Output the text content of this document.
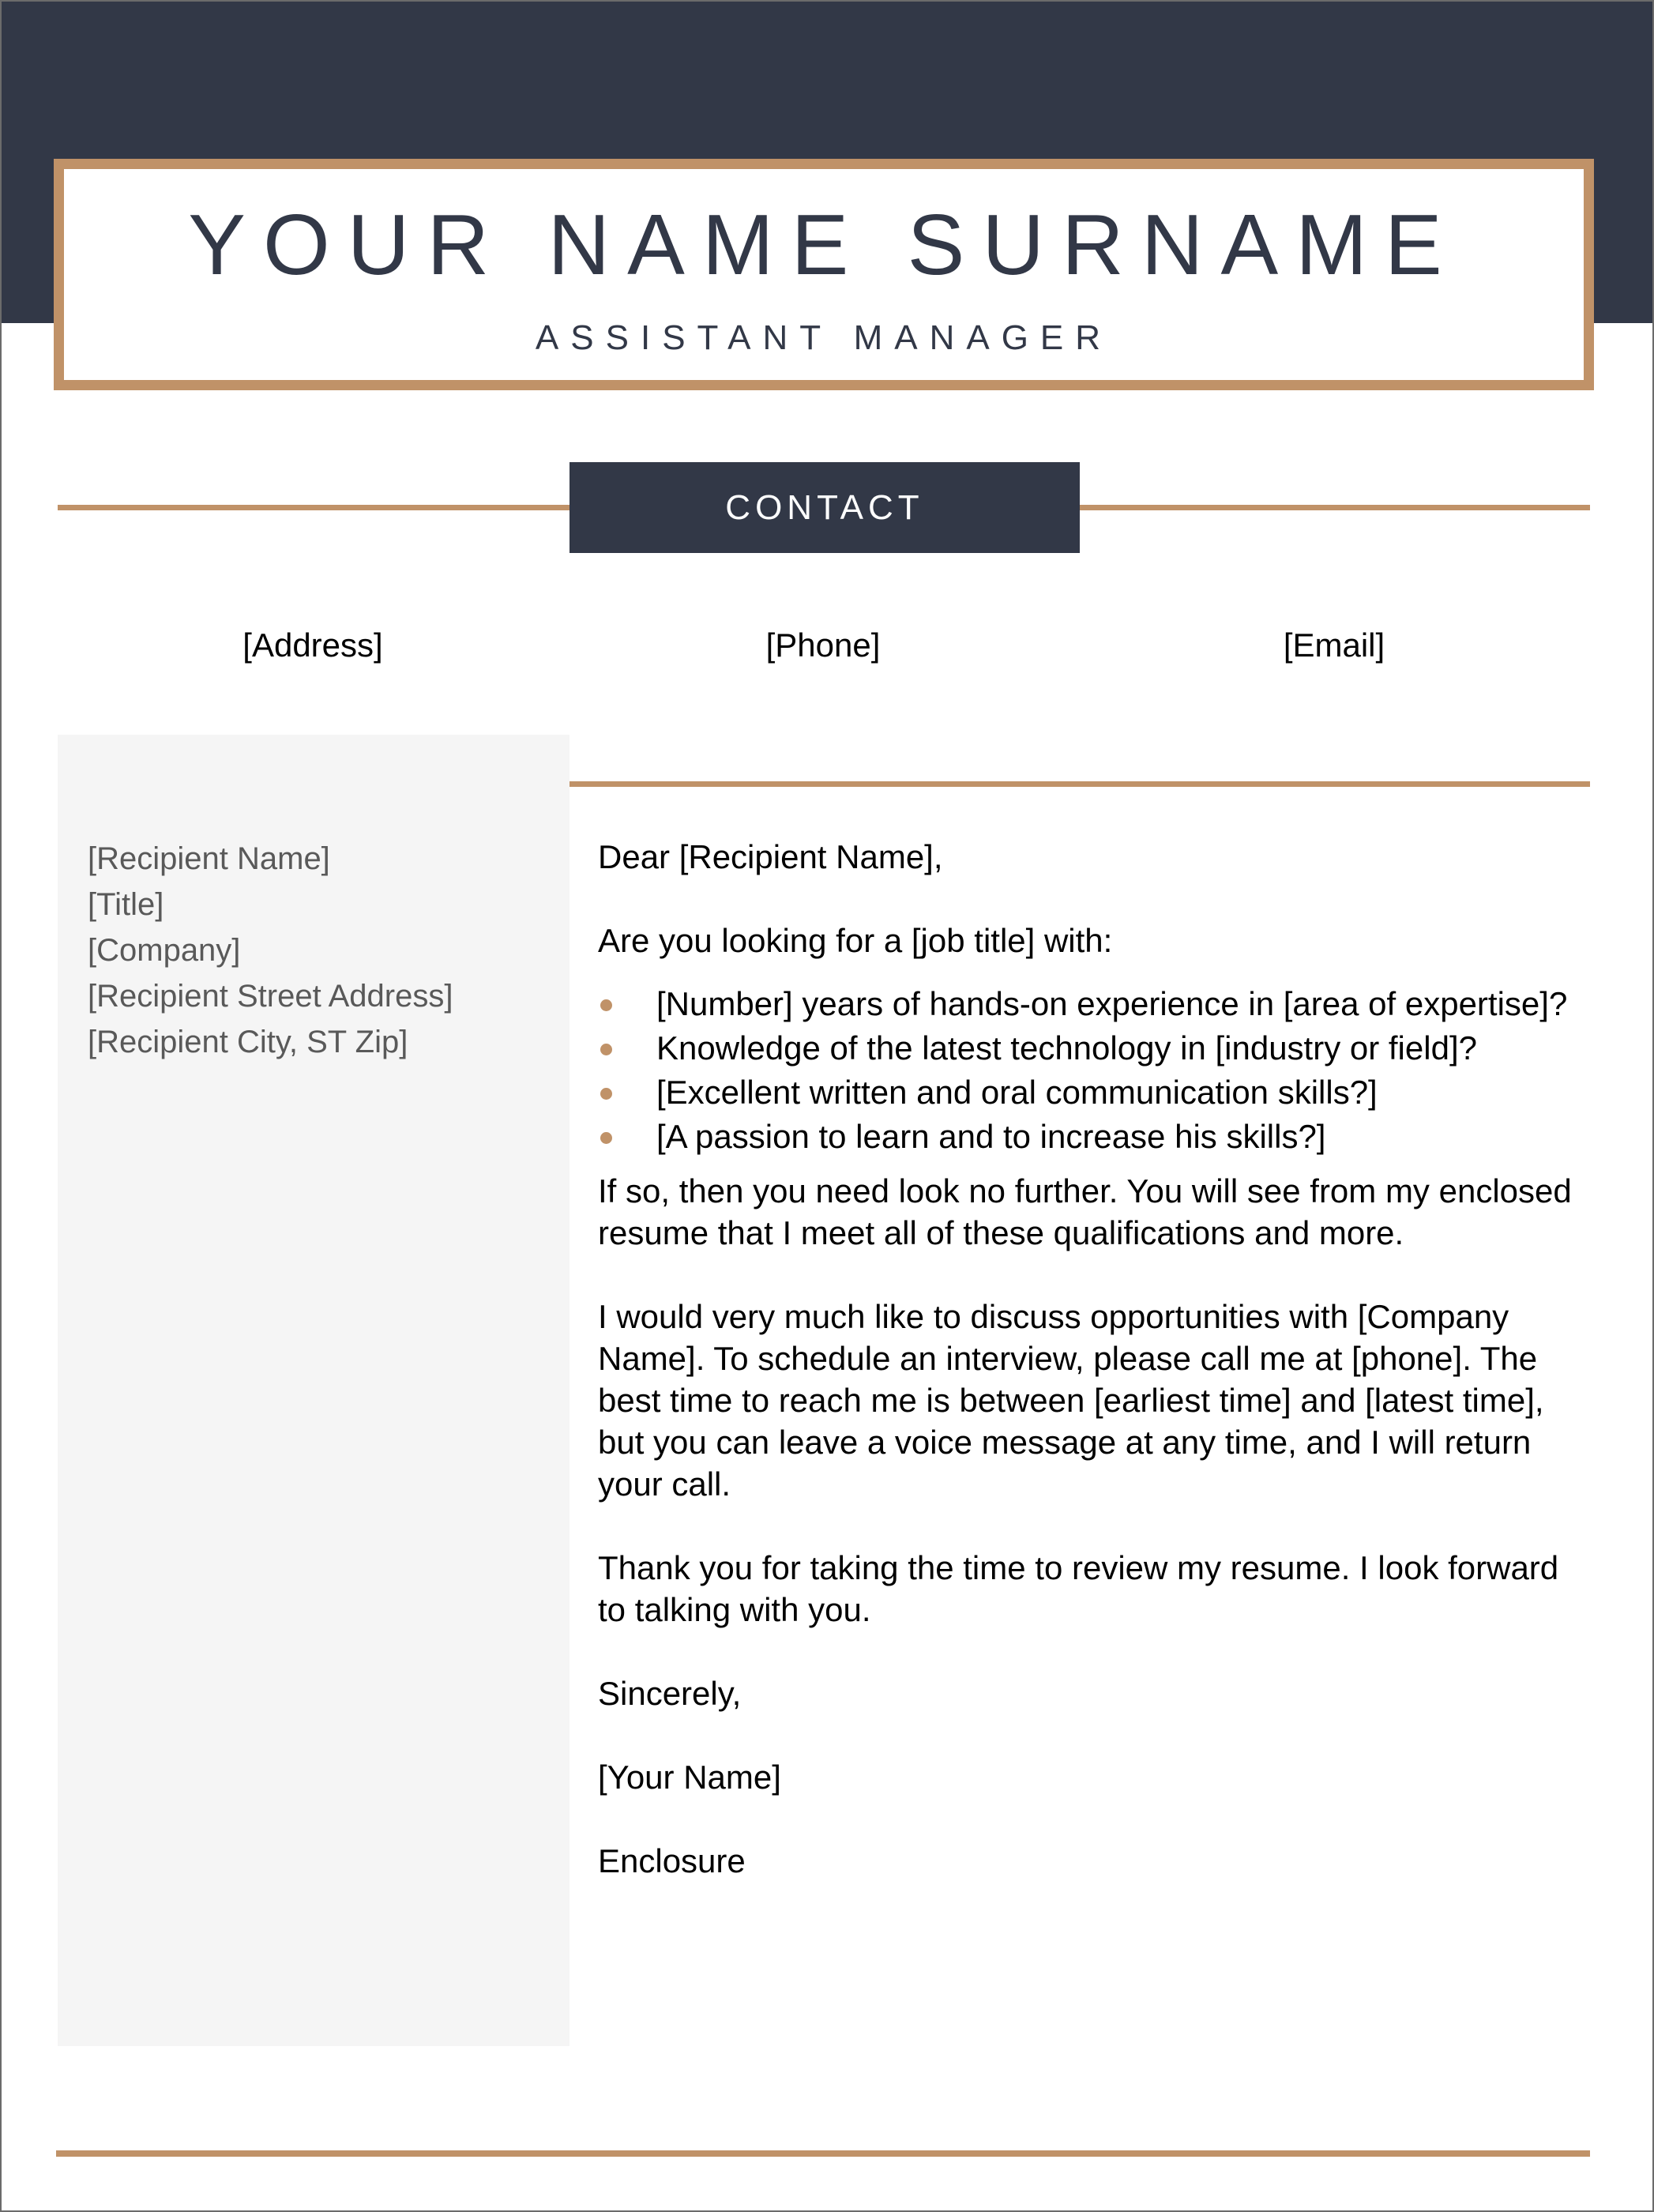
YOUR NAME SURNAME
ASSISTANT MANAGER
CONTACT
[Address]	[Phone]	[Email]
[Recipient Name]
[Title]
[Company]
[Recipient Street Address]
[Recipient City, ST Zip]

Dear [Recipient Name],

Are you looking for a [job title] with:

[Number] years of hands-on experience in [area of expertise]?
Knowledge of the latest technology in [industry or field]?
[Excellent written and oral communication skills?]
[A passion to learn and to increase his skills?]

If so, then you need look no further. You will see from my enclosed resume that I meet all of these qualifications and more.

I would very much like to discuss opportunities with [Company Name]. To schedule an interview, please call me at [phone]. The best time to reach me is between [earliest time] and [latest time], but you can leave a voice message at any time, and I will return your call.

Thank you for taking the time to review my resume. I look forward to talking with you.

Sincerely,

[Your Name]

Enclosure
